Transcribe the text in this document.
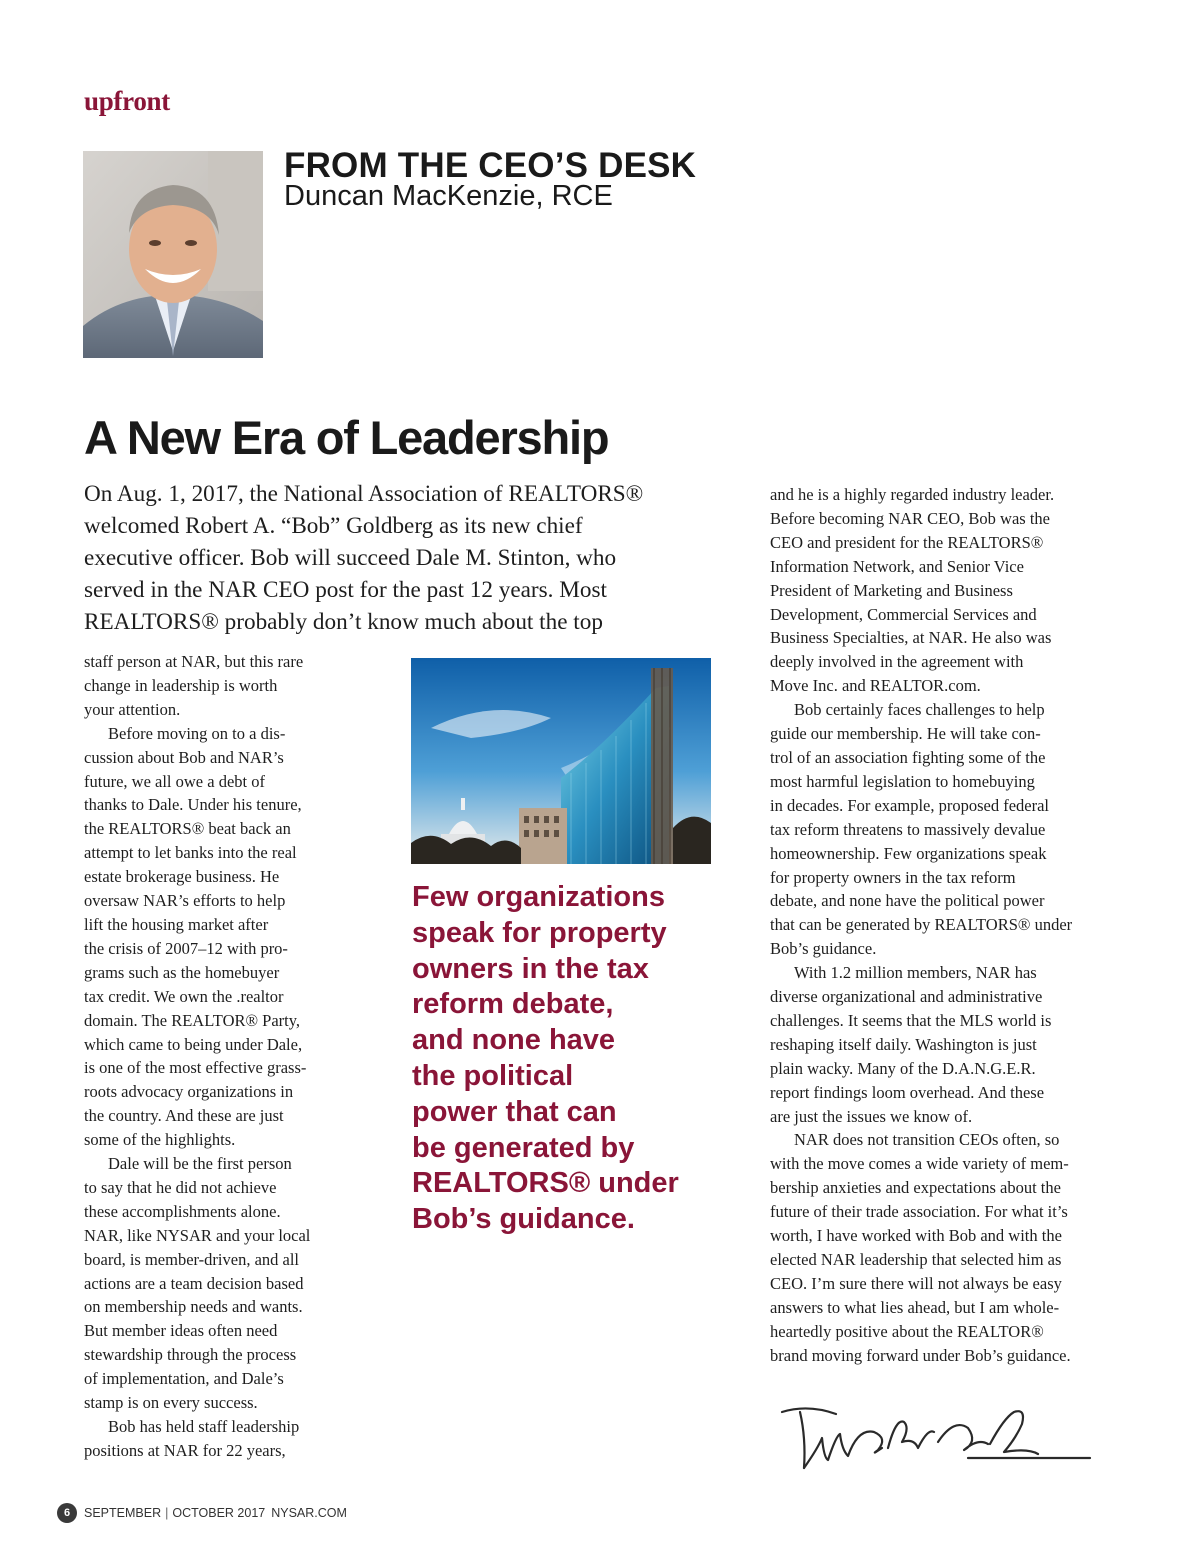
upfront
FROM THE CEO’S DESK
Duncan MacKenzie, RCE
A New Era of Leadership

On Aug. 1, 2017, the National Association of REALTORS®
welcomed Robert A. “Bob” Goldberg as its new chief
executive officer. Bob will succeed Dale M. Stinton, who
served in the NAR CEO post for the past 12 years. Most
REALTORS® probably don’t know much about the top

staff person at NAR, but this rare
change in leadership is worth
your attention.
Before moving on to a dis-
cussion about Bob and NAR’s
future, we all owe a debt of
thanks to Dale. Under his tenure,
the REALTORS® beat back an
attempt to let banks into the real
estate brokerage business. He
oversaw NAR’s efforts to help
lift the housing market after
the crisis of 2007–12 with pro-
grams such as the homebuyer
tax credit. We own the .realtor
domain. The REALTOR® Party,
which came to being under Dale,
is one of the most effective grass-
roots advocacy organizations in
the country. And these are just
some of the highlights.
Dale will be the first person
to say that he did not achieve
these accomplishments alone.
NAR, like NYSAR and your local
board, is member-driven, and all
actions are a team decision based
on membership needs and wants.
But member ideas often need
stewardship through the process
of implementation, and Dale’s
stamp is on every success.
Bob has held staff leadership
positions at NAR for 22 years,

Few organizations
speak for property
owners in the tax
reform debate,
and none have
the political
power that can
be generated by
REALTORS® under
Bob’s guidance.

and he is a highly regarded industry leader.
Before becoming NAR CEO, Bob was the
CEO and president for the REALTORS®
Information Network, and Senior Vice
President of Marketing and Business
Development, Commercial Services and
Business Specialties, at NAR. He also was
deeply involved in the agreement with
Move Inc. and REALTOR.com.
Bob certainly faces challenges to help
guide our membership. He will take con-
trol of an association fighting some of the
most harmful legislation to homebuying
in decades. For example, proposed federal
tax reform threatens to massively devalue
homeownership. Few organizations speak
for property owners in the tax reform
debate, and none have the political power
that can be generated by REALTORS® under
Bob’s guidance.
With 1.2 million members, NAR has
diverse organizational and administrative
challenges. It seems that the MLS world is
reshaping itself daily. Washington is just
plain wacky. Many of the D.A.N.G.E.R.
report findings loom overhead. And these
are just the issues we know of.
NAR does not transition CEOs often, so
with the move comes a wide variety of mem-
bership anxieties and expectations about the
future of their trade association. For what it’s
worth, I have worked with Bob and with the
elected NAR leadership that selected him as
CEO. I’m sure there will not always be easy
answers to what lies ahead, but I am whole-
heartedly positive about the REALTOR®
brand moving forward under Bob’s guidance.
6	SEPTEMBER | OCTOBER 2017 NYSAR.COM
